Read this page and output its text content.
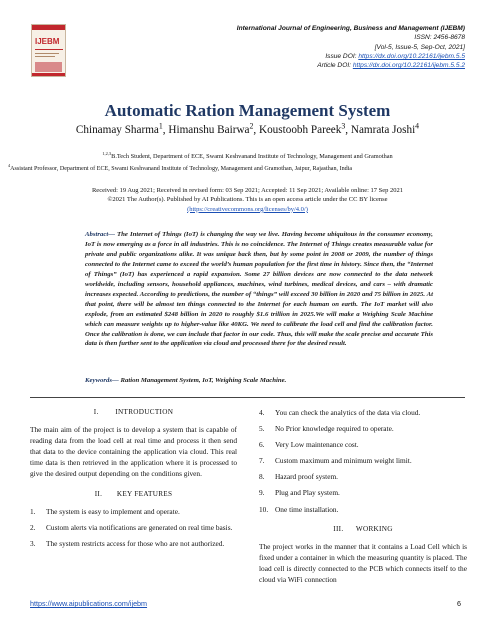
IJEBM
International Journal of Engineering, Business and Management (IJEBM)
ISSN: 2456-8678
[Vol-5, Issue-5, Sep-Oct, 2021]
Issue DOI: https://dx.doi.org/10.22161/ijebm.5.5
Article DOI: https://dx.doi.org/10.22161/ijebm.5.5.2
Automatic Ration Management System
Chinamay Sharma$^1$, Himanshu Bairwa$^2$, Koustoobh Pareek$^3$, Namrata Joshi$^4$
$^{1,2,3}$B.Tech Student, Department of ECE, Swami Keshvanand Institute of Technology, Management and Gramothan
$^4$Assistant Professor, Department of ECE, Swami Keshvanand Institute of Technology, Management and Gramothan, Jaipur, Rajasthan, India
Received: 19 Aug 2021; Received in revised form: 03 Sep 2021; Accepted: 11 Sep 2021; Available online: 17 Sep 2021
©2021 The Author(s). Published by AI Publications. This is an open access article under the CC BY license
(https://creativecommons.org/licenses/by/4.0/)
Abstract— The Internet of Things (IoT) is changing the way we live. Having become ubiquitous in the consumer economy, IoT is now emerging as a force in all industries. This is no coincidence. The Internet of Things creates measurable value for private and public organizations alike. It was unique back then, but by some point in 2008 or 2009, the number of things connected to the Internet came to exceed the world’s human population for the first time in history. Since then, the “Internet of Things” (IoT) has experienced a rapid expansion. Some 27 billion devices are now connected to the data network worldwide, including sensors, household appliances, machines, wind turbines, medical devices, and cars – with dramatic increases expected. According to predictions, the number of “things” will exceed 30 billion in 2020 and 75 billion in 2025. At that point, there will be almost ten things connected to the Internet for each human on earth. The IoT market will also explode, from an estimated $248 billion in 2020 to roughly $1.6 trillion in 2025.We will make a Weighing Scale Machine which can measure weights up to higher-value like 40KG. We need to calibrate the load cell and find the calibration factor. Once the calibration is done, we can include that factor in our code. Thus, this will make the scale precise and accurate This data is then further sent to the application via cloud and processed there for the desired result.
Keywords— Ration Management System, IoT, Weighing Scale Machine.
I.        INTRODUCTION
The main aim of the project is to develop a system that is capable of reading data from the load cell at real time and process it then send that data to the device containing the application via cloud. This real time data is then retrieved in the application where it is processed to give the desired output depending on the conditions given.
II.       KEY FEATURES
1.	The system is easy to implement and operate.
2.	Custom alerts via notifications are generated on real time basis.
3.	The system restricts access for those who are not authorized.
4.	You can check the analytics of the data via cloud.
5.	No Prior knowledge required to operate.
6.	Very Low maintenance cost.
7.	Custom maximum and minimum weight limit.
8.	Hazard proof system.
9.	Plug and Play system.
10. One time installation.
III.      WORKING
The project works in the manner that it contains a Load Cell which is fixed under a container in which the measuring quantity is placed. The load cell is directly connected to the PCB which connects itself to the cloud via WiFi connection
https://www.aipublications.com/ijebm	6
